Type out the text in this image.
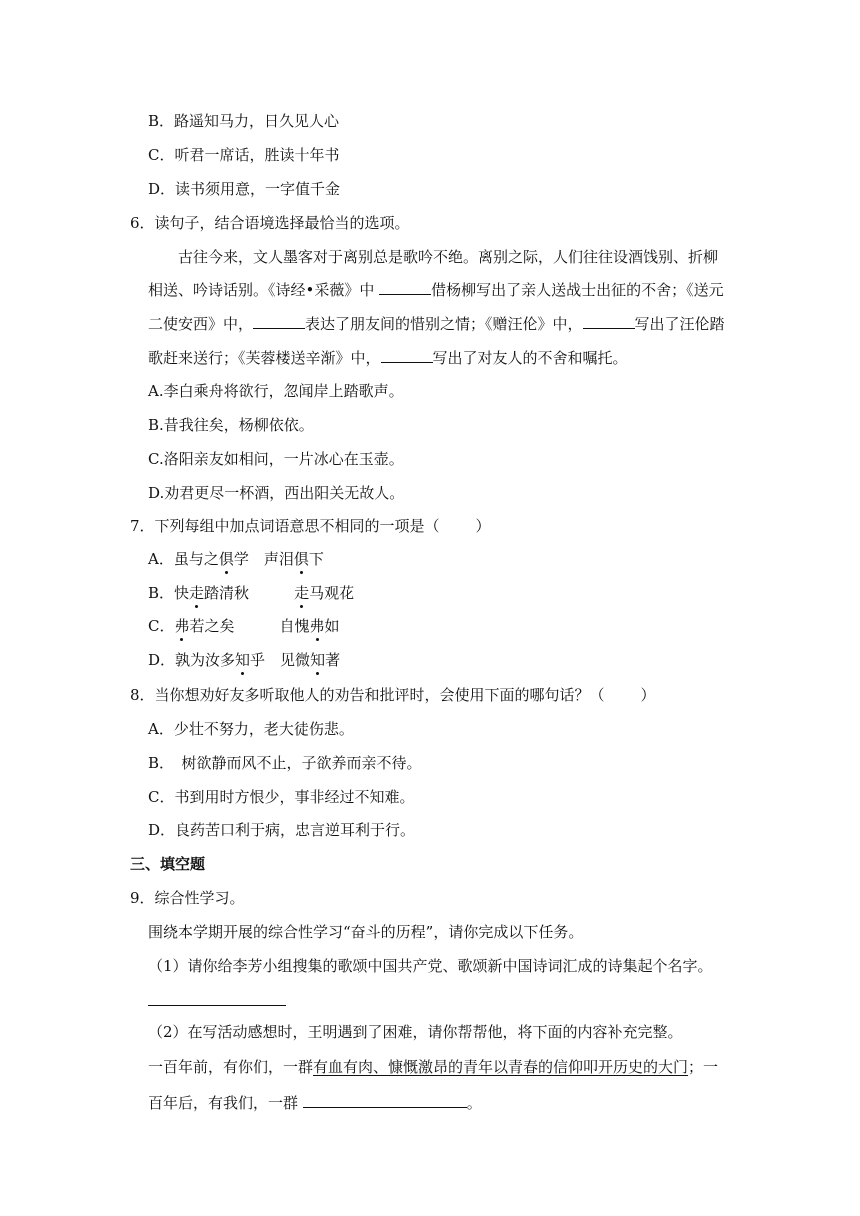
B．路遥知马力，日久见人心
C．听君一席话，胜读十年书
D．读书须用意，一字值千金
6．读句子，结合语境选择最恰当的选项。
古往今来，文人墨客对于离别总是歌吟不绝。离别之际，人们往往设酒饯别、折柳
相送、吟诗话别。《诗经•采薇》中	借杨柳写出了亲人送战士出征的不舍；《送元
二使安西》中，	表达了朋友间的惜别之情；《赠汪伦》中，	写出了汪伦踏
歌赶来送行；《芙蓉楼送辛渐》中，	写出了对友人的不舍和嘱托。
A.李白乘舟将欲行，忽闻岸上踏歌声。
B.昔我往矣，杨柳依依。
C.洛阳亲友如相问，一片冰心在玉壶。
D.劝君更尽一杯酒，西出阳关无故人。
7．下列每组中加点词语意思不相同的一项是（ ）
A．虽与之俱学　声泪俱下
B．快走踏清秋　　　走马观花
C．弗若之矣　　　自愧弗如
D．孰为汝多知乎　见微知著
8．当你想劝好友多听取他人的劝告和批评时，会使用下面的哪句话？（ ）
A．少壮不努力，老大徒伤悲。
B．　树欲静而风不止，子欲养而亲不待。
C．书到用时方恨少，事非经过不知难。
D．良药苦口利于病，忠言逆耳利于行。
三、填空题
9．综合性学习。
围绕本学期开展的综合性学习“奋斗的历程”，请你完成以下任务。
（1）请你给李芳小组搜集的歌颂中国共产党、歌颂新中国诗词汇成的诗集起个名字。
（2）在写活动感想时，王明遇到了困难，请你帮帮他，将下面的内容补充完整。
一百年前，有你们，一群有血有肉、慷慨激昂的青年以青春的信仰叩开历史的大门；一
百年后，有我们，一群	。
